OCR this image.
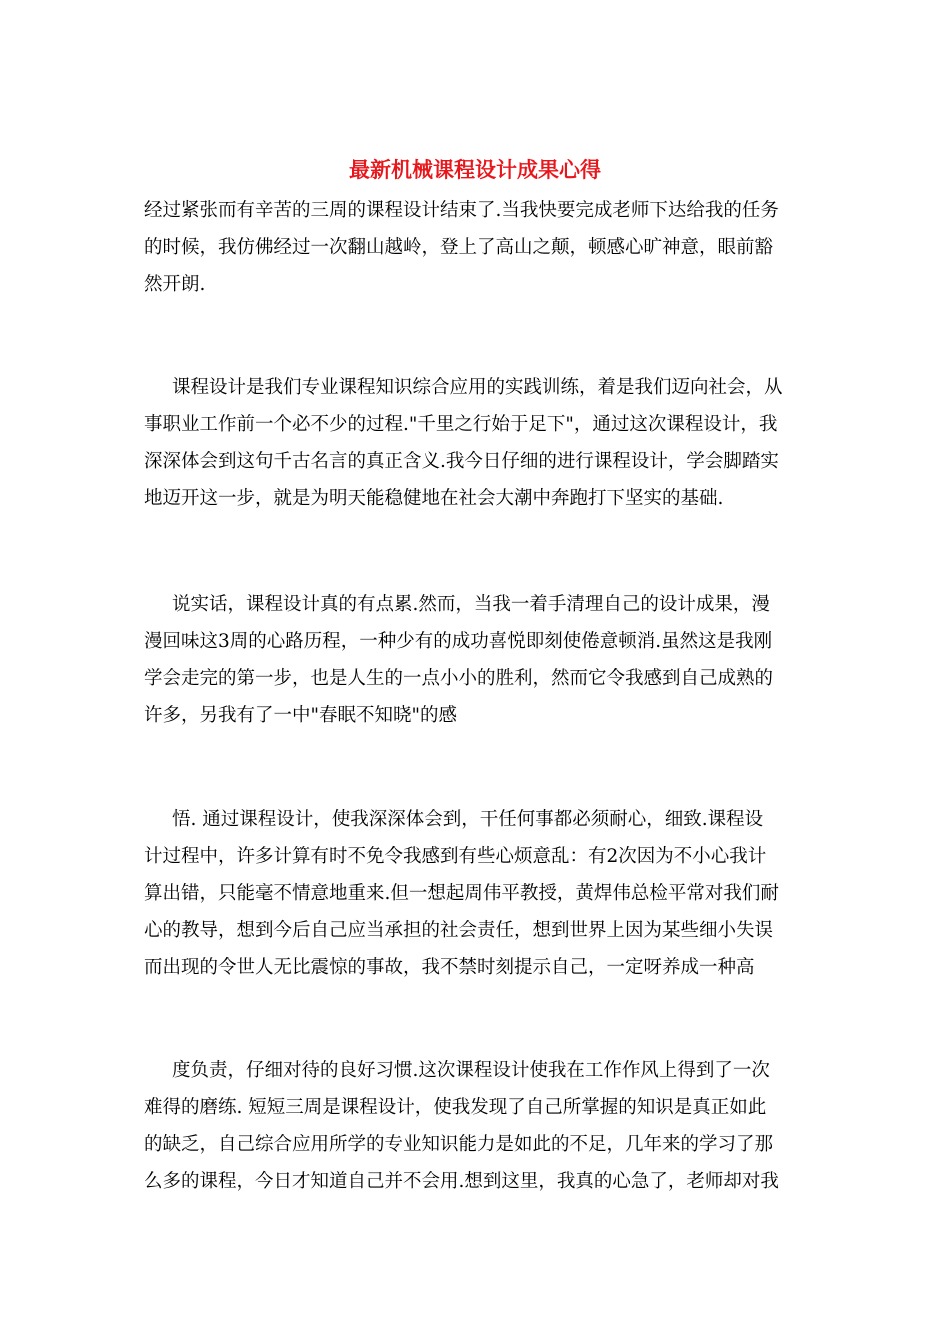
最新机械课程设计成果心得
经过紧张而有辛苦的三周的课程设计结束了.当我快要完成老师下达给我的任务
的时候，我仿佛经过一次翻山越岭，登上了高山之颠，顿感心旷神意，眼前豁
然开朗.
课程设计是我们专业课程知识综合应用的实践训练，着是我们迈向社会，从
事职业工作前一个必不少的过程."千里之行始于足下"，通过这次课程设计，我
深深体会到这句千古名言的真正含义.我今日仔细的进行课程设计，学会脚踏实
地迈开这一步，就是为明天能稳健地在社会大潮中奔跑打下坚实的基础.
说实话，课程设计真的有点累.然而，当我一着手清理自己的设计成果，漫
漫回味这3周的心路历程，一种少有的成功喜悦即刻使倦意顿消.虽然这是我刚
学会走完的第一步，也是人生的一点小小的胜利，然而它令我感到自己成熟的
许多，另我有了一中"春眠不知晓"的感
悟. 通过课程设计，使我深深体会到，干任何事都必须耐心，细致.课程设
计过程中，许多计算有时不免令我感到有些心烦意乱：有2次因为不小心我计
算出错，只能毫不情意地重来.但一想起周伟平教授，黄焊伟总检平常对我们耐
心的教导，想到今后自己应当承担的社会责任，想到世界上因为某些细小失误
而出现的令世人无比震惊的事故，我不禁时刻提示自己，一定呀养成一种高
度负责，仔细对待的良好习惯.这次课程设计使我在工作作风上得到了一次
难得的磨练. 短短三周是课程设计，使我发现了自己所掌握的知识是真正如此
的缺乏，自己综合应用所学的专业知识能力是如此的不足，几年来的学习了那
么多的课程，今日才知道自己并不会用.想到这里，我真的心急了，老师却对我
